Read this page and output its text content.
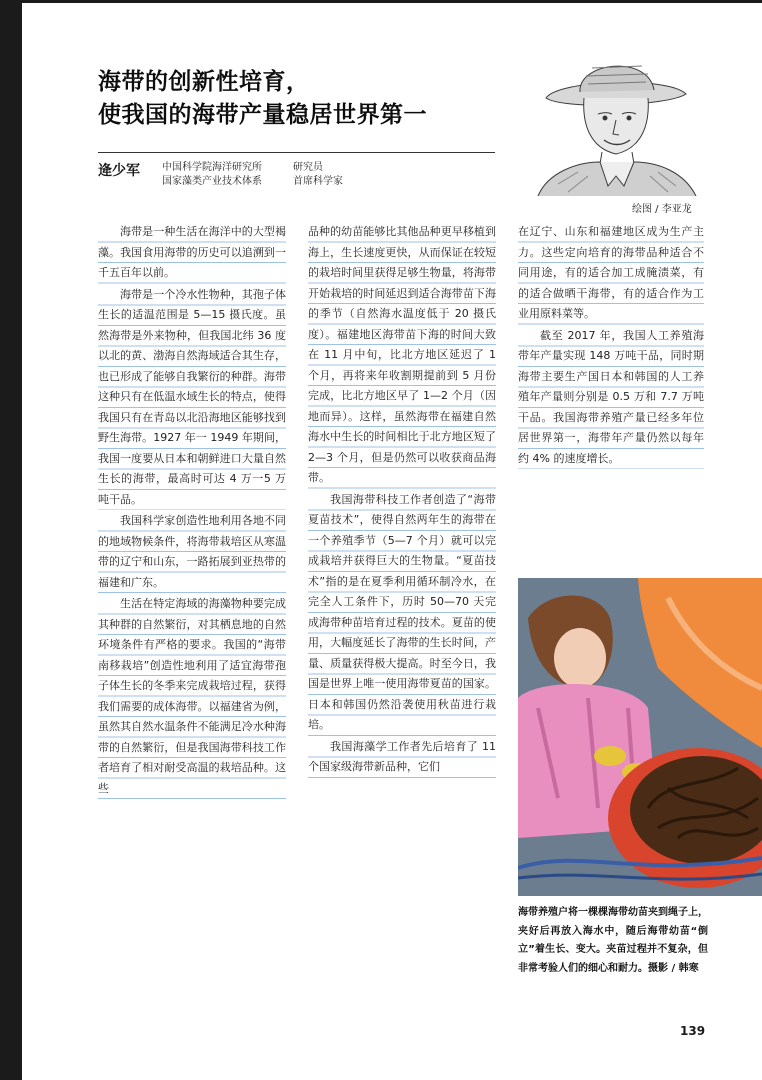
海带的创新性培育，
使我国的海带产量稳居世界第一
逄少军 中国科学院海洋研究所
国家藻类产业技术体系
研究员
首席科学家
绘图 / 李亚龙

海带是一种生活在海洋中的大型褐藻。我国食用海带的历史可以追溯到一千五百年以前。

海带是一个冷水性物种，其孢子体生长的适温范围是 5—15 摄氏度。虽然海带是外来物种，但我国北纬 36 度以北的黄、渤海自然海域适合其生存，也已形成了能够自我繁衍的种群。海带这种只有在低温水域生长的特点，使得我国只有在青岛以北沿海地区能够找到野生海带。1927 年一 1949 年期间，我国一度要从日本和朝鲜进口大量自然生长的海带，最高时可达 4 万一5 万吨干品。

我国科学家创造性地利用各地不同的地域物候条件，将海带栽培区从寒温带的辽宁和山东，一路拓展到亚热带的福建和广东。

生活在特定海域的海藻物种要完成其种群的自然繁衍，对其栖息地的自然环境条件有严格的要求。我国的“海带南移栽培”创造性地利用了适宜海带孢子体生长的冬季来完成栽培过程，获得我们需要的成体海带。以福建省为例，虽然其自然水温条件不能满足冷水种海带的自然繁衍，但是我国海带科技工作者培育了相对耐受高温的栽培品种。这些

品种的幼苗能够比其他品种更早移植到海上，生长速度更快，从而保证在较短的栽培时间里获得足够生物量，将海带开始栽培的时间延迟到适合海带苗下海的季节（自然海水温度低于 20 摄氏度）。福建地区海带苗下海的时间大致在 11 月中旬，比北方地区延迟了 1 个月，再将来年收割期提前到 5 月份完成，比北方地区早了 1—2 个月（因地而异）。这样，虽然海带在福建自然海水中生长的时间相比于北方地区短了 2—3 个月，但是仍然可以收获商品海带。

我国海带科技工作者创造了“海带夏苗技术”，使得自然两年生的海带在一个养殖季节（5—7 个月）就可以完成栽培并获得巨大的生物量。“夏苗技术”指的是在夏季利用循环制冷水，在完全人工条件下，历时 50—70 天完成海带种苗培育过程的技术。夏苗的使用，大幅度延长了海带的生长时间，产量、质量获得极大提高。时至今日，我国是世界上唯一使用海带夏苗的国家。日本和韩国仍然沿袭使用秋苗进行栽培。

我国海藻学工作者先后培育了 11 个国家级海带新品种，它们

在辽宁、山东和福建地区成为生产主力。这些定向培育的海带品种适合不同用途，有的适合加工成腌渍菜，有的适合做晒干海带，有的适合作为工业用原料菜等。

截至 2017 年，我国人工养殖海带年产量实现 148 万吨干品，同时期海带主要生产国日本和韩国的人工养殖年产量则分别是 0.5 万和 7.7 万吨干品。我国海带养殖产量已经多年位居世界第一，海带年产量仍然以每年约 4% 的速度增长。

海带养殖户将一棵棵海带幼苗夹到绳子上，夹好后再放入海水中，随后海带幼苗“倒立”着生长、变大。夹苗过程并不复杂，但非常考验人们的细心和耐力。摄影 / 韩寒
139
